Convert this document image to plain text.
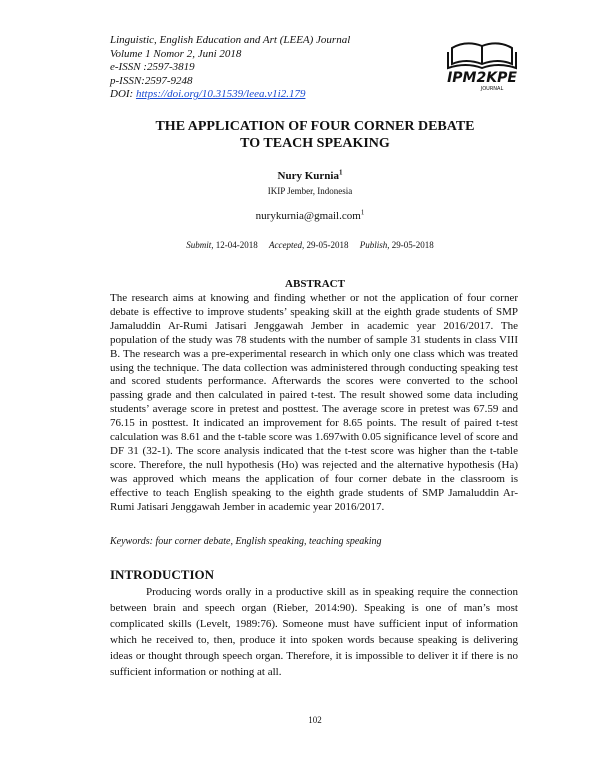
Linguistic, English Education and Art (LEEA) Journal
Volume 1 Nomor 2, Juni 2018
e-ISSN :2597-3819
p-ISSN:2597-9248
DOI: https://doi.org/10.31539/leea.v1i2.179
IPM2KPE
JOURNAL
THE APPLICATION OF FOUR CORNER DEBATE
TO TEACH SPEAKING
Nury Kurnia$^1$
IKIP Jember, Indonesia
nurykurnia@gmail.com$^1$
Submit, 12-04-2018 Accepted, 29-05-2018 Publish, 29-05-2018
ABSTRACT
The research aims at knowing and finding whether or not the application of four corner debate is effective to improve students’ speaking skill at the eighth grade students of SMP Jamaluddin Ar-Rumi Jatisari Jenggawah Jember in academic year 2016/2017. The population of the study was 78 students with the number of sample 31 students in class VIII B. The research was a pre-experimental research in which only one class which was treated using the technique. The data collection was administered through conducting speaking test and scored students performance. Afterwards the scores were converted to the school passing grade and then calculated in paired t-test. The result showed some data including students’ average score in pretest and posttest. The average score in pretest was 67.59 and 76.15 in posttest. It indicated an improvement for 8.65 points. The result of paired t-test calculation was 8.61 and the t-table score was 1.697with 0.05 significance level of score and DF 31 (32-1). The score analysis indicated that the t-test score was higher than the t-table score. Therefore, the null hypothesis (Ho) was rejected and the alternative hypothesis (Ha) was approved which means the application of four corner debate in the classroom is effective to teach English speaking to the eighth grade students of SMP Jamaluddin Ar-Rumi Jatisari Jenggawah Jember in academic year 2016/2017.
Keywords: four corner debate, English speaking, teaching speaking
INTRODUCTION
Producing words orally in a productive skill as in speaking require the connection between brain and speech organ (Rieber, 2014:90). Speaking is one of man’s most complicated skills (Levelt, 1989:76). Someone must have sufficient input of information which he received to, then, produce it into spoken words because speaking is delivering ideas or thought through speech organ. Therefore, it is impossible to deliver it if there is no sufficient information or nothing at all.
102
